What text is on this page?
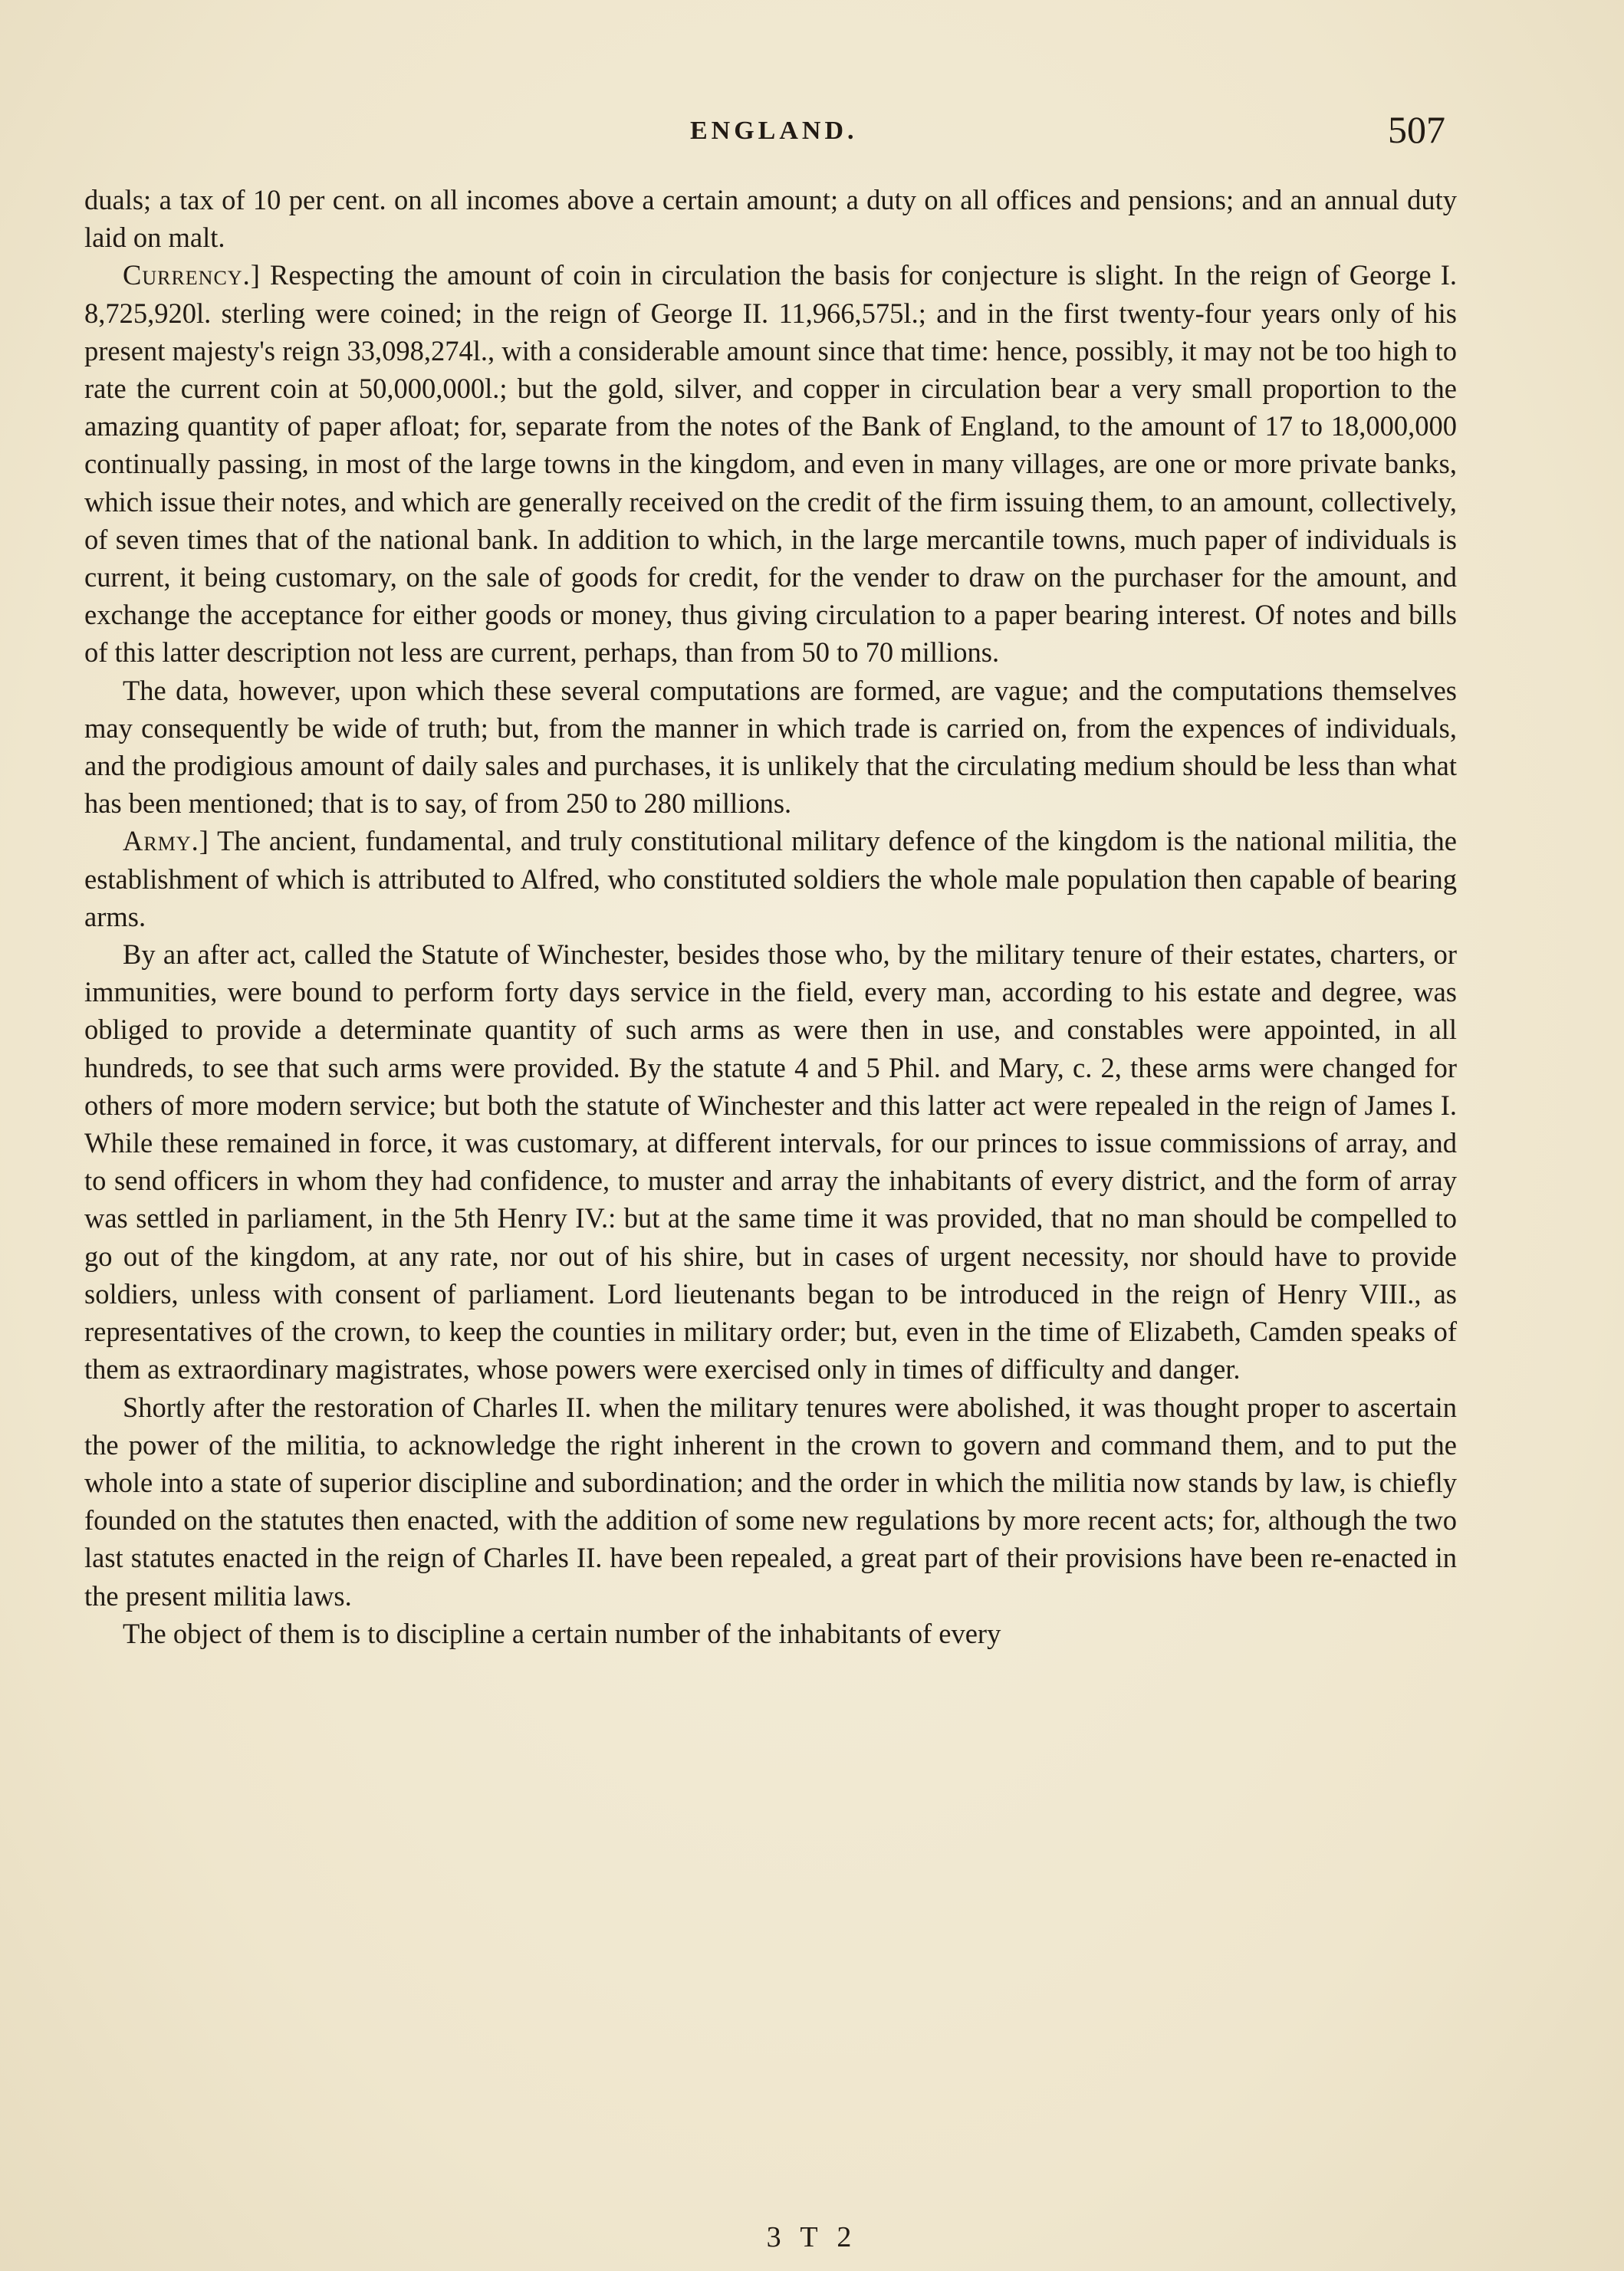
ENGLAND.	507

duals; a tax of 10 per cent. on all incomes above a certain amount; a duty on all offices and pensions; and an annual duty laid on malt.

Currency.] Respecting the amount of coin in circulation the basis for conjecture is slight. In the reign of George I. 8,725,920l. sterling were coined; in the reign of George II. 11,966,575l.; and in the first twenty-four years only of his present majesty's reign 33,098,274l., with a considerable amount since that time: hence, possibly, it may not be too high to rate the current coin at 50,000,000l.; but the gold, silver, and copper in circulation bear a very small proportion to the amazing quantity of paper afloat; for, separate from the notes of the Bank of England, to the amount of 17 to 18,000,000 continually passing, in most of the large towns in the kingdom, and even in many villages, are one or more private banks, which issue their notes, and which are generally received on the credit of the firm issuing them, to an amount, collectively, of seven times that of the national bank. In addition to which, in the large mercantile towns, much paper of individuals is current, it being customary, on the sale of goods for credit, for the vender to draw on the purchaser for the amount, and exchange the acceptance for either goods or money, thus giving circulation to a paper bearing interest. Of notes and bills of this latter description not less are current, perhaps, than from 50 to 70 millions.

The data, however, upon which these several computations are formed, are vague; and the computations themselves may consequently be wide of truth; but, from the manner in which trade is carried on, from the expences of individuals, and the prodigious amount of daily sales and purchases, it is unlikely that the circulating medium should be less than what has been mentioned; that is to say, of from 250 to 280 millions.

Army.] The ancient, fundamental, and truly constitutional military defence of the kingdom is the national militia, the establishment of which is attributed to Alfred, who constituted soldiers the whole male population then capable of bearing arms.

By an after act, called the Statute of Winchester, besides those who, by the military tenure of their estates, charters, or immunities, were bound to perform forty days service in the field, every man, according to his estate and degree, was obliged to provide a determinate quantity of such arms as were then in use, and constables were appointed, in all hundreds, to see that such arms were provided. By the statute 4 and 5 Phil. and Mary, c. 2, these arms were changed for others of more modern service; but both the statute of Winchester and this latter act were repealed in the reign of James I. While these remained in force, it was customary, at different intervals, for our princes to issue commissions of array, and to send officers in whom they had confidence, to muster and array the inhabitants of every district, and the form of array was settled in parliament, in the 5th Henry IV.: but at the same time it was provided, that no man should be compelled to go out of the kingdom, at any rate, nor out of his shire, but in cases of urgent necessity, nor should have to provide soldiers, unless with consent of parliament. Lord lieutenants began to be introduced in the reign of Henry VIII., as representatives of the crown, to keep the counties in military order; but, even in the time of Elizabeth, Camden speaks of them as extraordinary magistrates, whose powers were exercised only in times of difficulty and danger.

Shortly after the restoration of Charles II. when the military tenures were abolished, it was thought proper to ascertain the power of the militia, to acknowledge the right inherent in the crown to govern and command them, and to put the whole into a state of superior discipline and subordination; and the order in which the militia now stands by law, is chiefly founded on the statutes then enacted, with the addition of some new regulations by more recent acts; for, although the two last statutes enacted in the reign of Charles II. have been repealed, a great part of their provisions have been re-enacted in the present militia laws.

The object of them is to discipline a certain number of the inhabitants of every

3 T 2
